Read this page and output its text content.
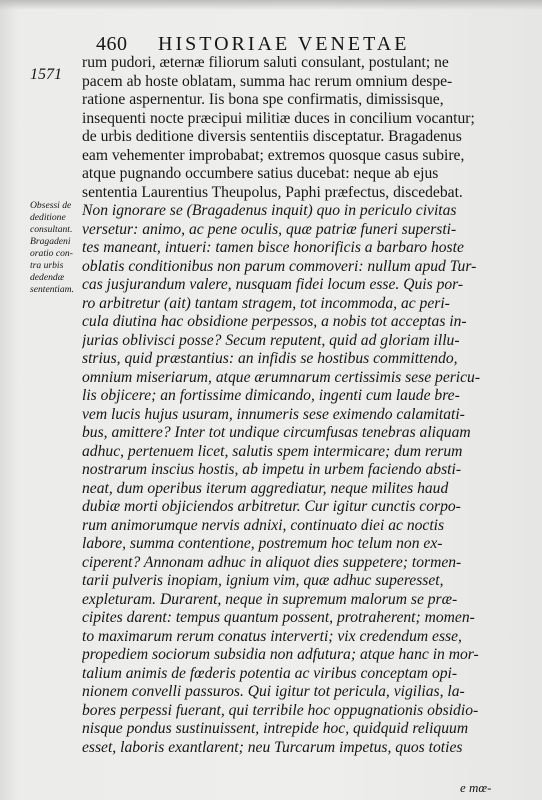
460 HISTORIAE VENETAE
1571
Obsessi de
deditione
consultant.
Bragadeni
oratio con-
tra urbis
dedendæ
sententiam.
rum pudori, æternæ filiorum saluti consulant, postulant; ne
pacem ab hoste oblatam, summa hac rerum omnium despe-
ratione aspernentur. Iis bona spe confirmatis, dimissisque,
insequenti nocte præcipui militiæ duces in concilium vocantur;
de urbis deditione diversis sententiis disceptatur. Bragadenus
eam vehementer improbabat; extremos quosque casus subire,
atque pugnando occumbere satius ducebat: neque ab ejus
sententia Laurentius Theupolus, Paphi præfectus, discedebat.
Non ignorare se (Bragadenus inquit) quo in periculo civitas
versetur: animo, ac pene oculis, quæ patriæ funeri supersti-
tes maneant, intueri: tamen bisce honorificis a barbaro hoste
oblatis conditionibus non parum commoveri: nullum apud Tur-
cas jusjurandum valere, nusquam fidei locum esse. Quis por-
ro arbitretur (ait) tantam stragem, tot incommoda, ac peri-
cula diutina hac obsidione perpessos, a nobis tot acceptas in-
jurias oblivisci posse? Secum reputent, quid ad gloriam illu-
strius, quid præstantius: an infidis se hostibus committendo,
omnium miseriarum, atque ærumnarum certissimis sese pericu-
lis objicere; an fortissime dimicando, ingenti cum laude bre-
vem lucis hujus usuram, innumeris sese eximendo calamitati-
bus, amittere? Inter tot undique circumfusas tenebras aliquam
adhuc, pertenuem licet, salutis spem intermicare; dum rerum
nostrarum inscius hostis, ab impetu in urbem faciendo absti-
neat, dum operibus iterum aggrediatur, neque milites haud
dubiæ morti objiciendos arbitretur. Cur igitur cunctis corpo-
rum animorumque nervis adnixi, continuato diei ac noctis
labore, summa contentione, postremum hoc telum non ex-
ciperent? Annonam adhuc in aliquot dies suppetere; tormen-
tarii pulveris inopiam, ignium vim, quæ adhuc superesset,
expleturam. Durarent, neque in supremum malorum se præ-
cipites darent: tempus quantum possent, protraherent; momen-
to maximarum rerum conatus interverti; vix credendum esse,
propediem sociorum subsidia non adfutura; atque hanc in mor-
talium animis de fœderis potentia ac viribus conceptam opi-
nionem convelli passuros. Qui igitur tot pericula, vigilias, la-
bores perpessi fuerant, qui terribile hoc oppugnationis obsidio-
nisque pondus sustinuissent, intrepide hoc, quidquid reliquum
esset, laboris exantlarent; neu Turcarum impetus, quos toties
e mœ-
